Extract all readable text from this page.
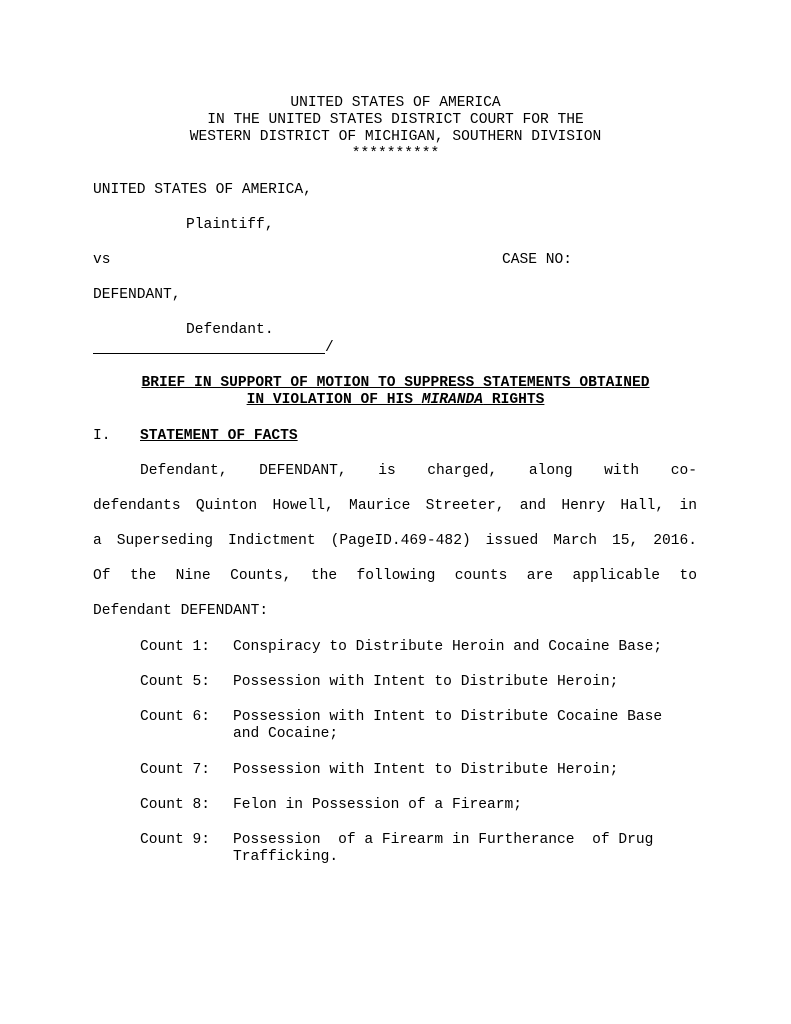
UNITED STATES OF AMERICA
IN THE UNITED STATES DISTRICT COURT FOR THE
WESTERN DISTRICT OF MICHIGAN, SOUTHERN DIVISION
**********
UNITED STATES OF AMERICA,
Plaintiff,
vs	CASE NO:
DEFENDANT,
Defendant.
/
BRIEF IN SUPPORT OF MOTION TO SUPPRESS STATEMENTS OBTAINED
IN VIOLATION OF HIS MIRANDA RIGHTS
I. STATEMENT OF FACTS
Defendant, DEFENDANT, is charged, along with co-
defendants Quinton Howell, Maurice Streeter, and Henry Hall, in
a Superseding Indictment (PageID.469-482) issued March 15, 2016.
Of the Nine Counts, the following counts are applicable to
Defendant DEFENDANT:
Count 1: Conspiracy to Distribute Heroin and Cocaine Base;
Count 5: Possession with Intent to Distribute Heroin;
Count 6: Possession with Intent to Distribute Cocaine Base
and Cocaine;
Count 7: Possession with Intent to Distribute Heroin;
Count 8: Felon in Possession of a Firearm;
Count 9: Possession  of a Firearm in Furtherance  of Drug
Trafficking.
